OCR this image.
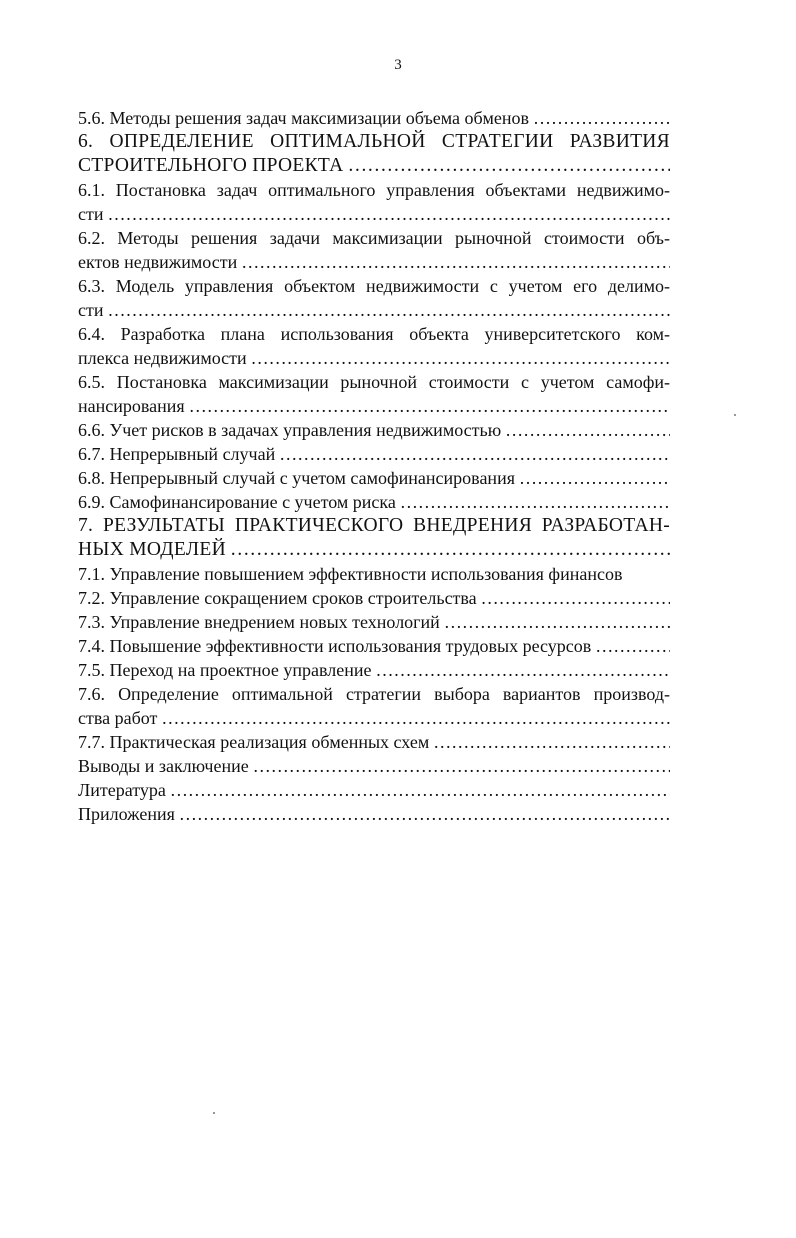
3
5.6. Методы решения задач максимизации объема обменов
…………………………………………………………………………………………………………………………………………………………………………………………………………
6. ОПРЕДЕЛЕНИЕ ОПТИМАЛЬНОЙ СТРАТЕГИИ РАЗВИТИЯ
СТРОИТЕЛЬНОГО ПРОЕКТА
…………………………………………………………………………………………………………………………………………………………………………………………………………
6.1. Постановка задач оптимального управления объектами недвижимо-
сти
…………………………………………………………………………………………………………………………………………………………………………………………………………
6.2. Методы решения задачи максимизации рыночной стоимости объ-
ектов недвижимости
…………………………………………………………………………………………………………………………………………………………………………………………………………
6.3. Модель управления объектом недвижимости с учетом его делимо-
сти
…………………………………………………………………………………………………………………………………………………………………………………………………………
6.4. Разработка плана использования объекта университетского ком-
плекса недвижимости
…………………………………………………………………………………………………………………………………………………………………………………………………………
6.5. Постановка максимизации рыночной стоимости с учетом самофи-
нансирования
…………………………………………………………………………………………………………………………………………………………………………………………………………
6.6. Учет рисков в задачах управления недвижимостью
…………………………………………………………………………………………………………………………………………………………………………………………………………
6.7. Непрерывный случай
…………………………………………………………………………………………………………………………………………………………………………………………………………
6.8. Непрерывный случай с учетом самофинансирования
…………………………………………………………………………………………………………………………………………………………………………………………………………
6.9. Самофинансирование с учетом риска
…………………………………………………………………………………………………………………………………………………………………………………………………………
7. РЕЗУЛЬТАТЫ ПРАКТИЧЕСКОГО ВНЕДРЕНИЯ РАЗРАБОТАН-
НЫХ МОДЕЛЕЙ
…………………………………………………………………………………………………………………………………………………………………………………………………………
7.1. Управление повышением эффективности использования финансов
7.2. Управление сокращением сроков строительства
…………………………………………………………………………………………………………………………………………………………………………………………………………
7.3. Управление внедрением новых технологий
…………………………………………………………………………………………………………………………………………………………………………………………………………
7.4. Повышение эффективности использования трудовых ресурсов
…………………………………………………………………………………………………………………………………………………………………………………………………………
7.5. Переход на проектное управление
…………………………………………………………………………………………………………………………………………………………………………………………………………
7.6. Определение оптимальной стратегии выбора вариантов производ-
ства работ
…………………………………………………………………………………………………………………………………………………………………………………………………………
7.7. Практическая реализация обменных схем
…………………………………………………………………………………………………………………………………………………………………………………………………………
Выводы и заключение
…………………………………………………………………………………………………………………………………………………………………………………………………………
Литература
…………………………………………………………………………………………………………………………………………………………………………………………………………
Приложения
…………………………………………………………………………………………………………………………………………………………………………………………………………
